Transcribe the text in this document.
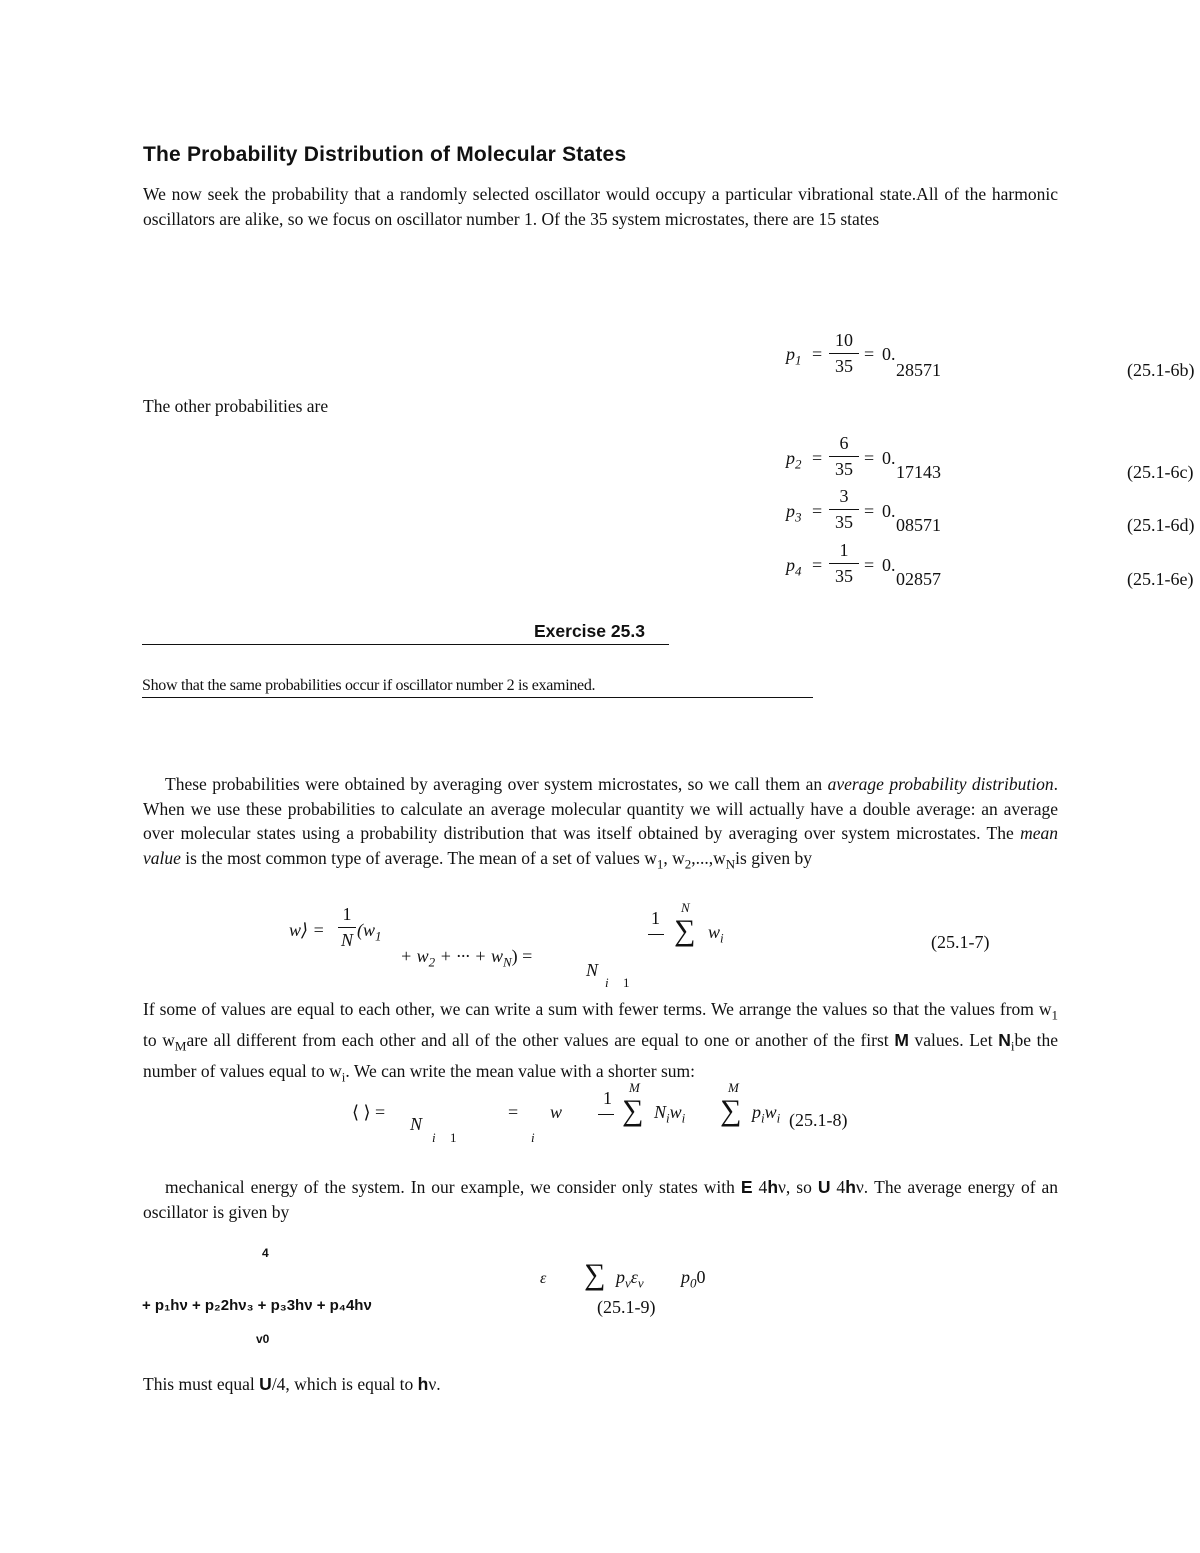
The Probability Distribution of Molecular States
We now seek the probability that a randomly selected oscillator would occupy a particular vibrational state.All of the harmonic oscillators are alike, so we focus on oscillator number 1. Of the 35 system microstates, there are 15 states
$p_1$ =
10
35
= 0.
28571	(25.1-6b)
The other probabilities are
$p_2$ =
6
35
= 0.
17143	(25.1-6c)
$p_3$ =
3
35
= 0.
08571	(25.1-6d)
$p_4$ =
1
35
= 0.
02857	(25.1-6e)
Exercise 25.3
Show that the same probabilities occur if oscillator number 2 is examined.
These probabilities were obtained by averaging over system microstates, so we call them an average probability distribution. When we use these probabilities to calculate an average molecular quantity we will actually have a double average: an average over molecular states using a probability distribution that was itself obtained by averaging over system microstates. The mean value is the most common type of average. The mean of a set of values $w_1$, $w_2,...,w_Nis$ given by
w⟩ =
1
N ($w_1$
+ $w_2$ + ··· + $w_N$) =
1
N
∑ $w_i$
N
i 1
(25.1-7)
If some of values are equal to each other, we can write a sum with fewer terms. We arrange the values so that the values from $w_1$ to $w_Mare$ all different from each other and all of the other values are equal to one or another of the first M values. Let $N_ibe$ the number of values equal to $w_i$. We can write the mean value with a shorter sum:
⟨ ⟩ =
N
i 1
= w
i
1
M
∑ $N_iw_i$
M
∑ $p_iw_i$ (25.1-8)
mechanical energy of the system. In our example, we consider only states with E 4hν, so U 4hν. The average energy of an oscillator is given by
4
ε ∑ $p_v\varepsilon_v$ $p_00$
+ p₁hν + p₂2hν₃ + p₃3hν + p₄4hν	(25.1-9)
v0
This must equal U/4, which is equal to hν.
